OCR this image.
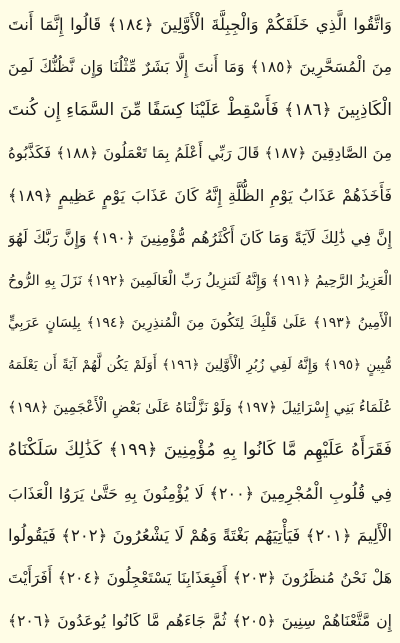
وَاتَّقُوا الَّذِي خَلَقَكُمْ وَالْجِبِلَّةَ الْأَوَّلِينَ ﴿١٨٤﴾ قَالُوا إِنَّمَا أَنتَ
مِنَ الْمُسَحَّرِينَ ﴿١٨٥﴾ وَمَا أَنتَ إِلَّا بَشَرٌ مِّثْلُنَا وَإِن نَّظُنُّكَ لَمِنَ
الْكَاذِبِينَ ﴿١٨٦﴾ فَأَسْقِطْ عَلَيْنَا كِسَفًا مِّنَ السَّمَاءِ إِن كُنتَ
مِنَ الصَّادِقِينَ ﴿١٨٧﴾ قَالَ رَبِّي أَعْلَمُ بِمَا تَعْمَلُونَ ﴿١٨٨﴾ فَكَذَّبُوهُ
فَأَخَذَهُمْ عَذَابُ يَوْمِ الظُّلَّةِ إِنَّهُ كَانَ عَذَابَ يَوْمٍ عَظِيمٍ ﴿١٨٩﴾
إِنَّ فِي ذَٰلِكَ لَآيَةً وَمَا كَانَ أَكْثَرُهُم مُّؤْمِنِينَ ﴿١٩٠﴾ وَإِنَّ رَبَّكَ لَهُوَ
الْعَزِيزُ الرَّحِيمُ ﴿١٩١﴾ وَإِنَّهُ لَتَنزِيلُ رَبِّ الْعَالَمِينَ ﴿١٩٢﴾ نَزَلَ بِهِ الرُّوحُ
الْأَمِينُ ﴿١٩٣﴾ عَلَىٰ قَلْبِكَ لِتَكُونَ مِنَ الْمُنذِرِينَ ﴿١٩٤﴾ بِلِسَانٍ عَرَبِيٍّ
مُّبِينٍ ﴿١٩٥﴾ وَإِنَّهُ لَفِي زُبُرِ الْأَوَّلِينَ ﴿١٩٦﴾ أَوَلَمْ يَكُن لَّهُمْ آيَةً أَن يَعْلَمَهُ
عُلَمَاءُ بَنِي إِسْرَائِيلَ ﴿١٩٧﴾ وَلَوْ نَزَّلْنَاهُ عَلَىٰ بَعْضِ الْأَعْجَمِينَ ﴿١٩٨﴾
فَقَرَأَهُ عَلَيْهِم مَّا كَانُوا بِهِ مُؤْمِنِينَ ﴿١٩٩﴾ كَذَٰلِكَ سَلَكْنَاهُ
فِي قُلُوبِ الْمُجْرِمِينَ ﴿٢٠٠﴾ لَا يُؤْمِنُونَ بِهِ حَتَّىٰ يَرَوُا الْعَذَابَ
الْأَلِيمَ ﴿٢٠١﴾ فَيَأْتِيَهُم بَغْتَةً وَهُمْ لَا يَشْعُرُونَ ﴿٢٠٢﴾ فَيَقُولُوا
هَلْ نَحْنُ مُنظَرُونَ ﴿٢٠٣﴾ أَفَبِعَذَابِنَا يَسْتَعْجِلُونَ ﴿٢٠٤﴾ أَفَرَأَيْتَ
إِن مَّتَّعْنَاهُمْ سِنِينَ ﴿٢٠٥﴾ ثُمَّ جَاءَهُم مَّا كَانُوا يُوعَدُونَ ﴿٢٠٦﴾
